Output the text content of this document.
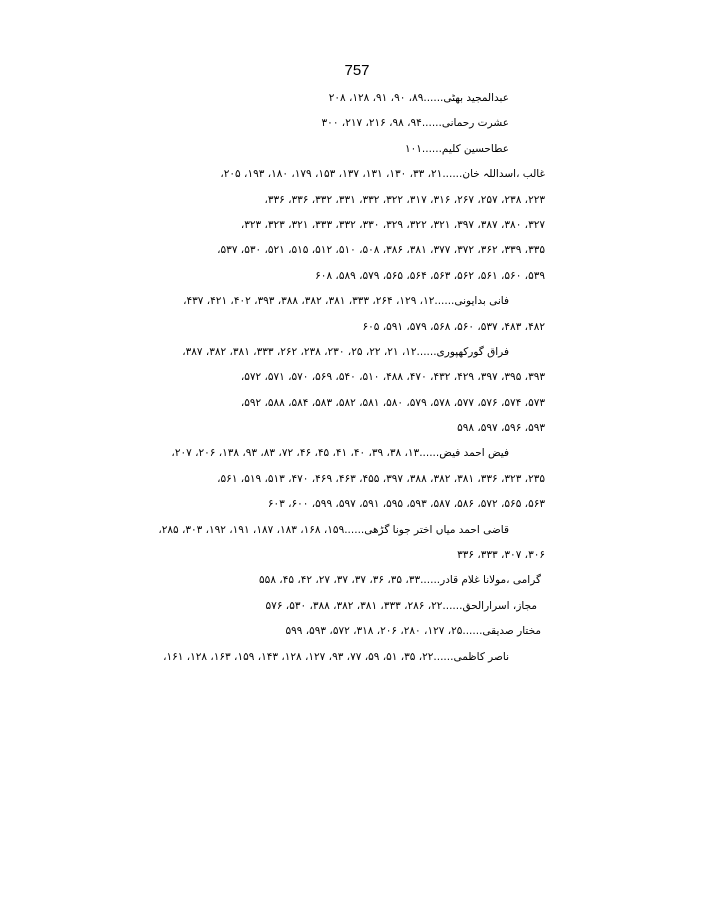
757
عبدالمجید بھٹی......۸۹، ۹۰، ۹۱، ۱۲۸، ۲۰۸
عشرت رحمانی......۹۴، ۹۸، ۲۱۶، ۲۱۷، ۳۰۰
عطاحسین کلیم......۱۰۱
غالب ،اسداللہ خان......۲۱، ۳۳، ۱۳۰، ۱۳۱، ۱۳۷، ۱۵۳، ۱۷۹، ۱۸۰، ۱۹۳، ۲۰۵،
۲۲۳، ۲۳۸، ۲۵۷، ۲۶۷، ۳۱۶، ۳۱۷، ۳۲۲، ۳۳۲، ۳۳۱، ۳۳۲، ۳۳۶، ۳۳۶،
۳۲۷، ۳۸۰، ۳۸۷، ۳۹۷، ۳۲۱، ۳۲۲، ۳۲۹، ۳۳۰، ۳۳۲، ۳۳۳، ۳۲۱، ۳۲۳، ۳۲۳،
۳۳۵، ۳۳۹، ۳۶۲، ۳۷۲، ۳۷۷، ۳۸۱، ۳۸۶، ۵۰۸، ۵۱۰، ۵۱۲، ۵۱۵، ۵۲۱، ۵۳۰، ۵۳۷،
۵۳۹، ۵۶۰، ۵۶۱، ۵۶۲، ۵۶۳، ۵۶۴، ۵۶۵، ۵۷۹، ۵۸۹، ۶۰۸
فانی بدایونی......۱۲، ۱۲۹، ۲۶۴، ۳۳۳، ۳۸۱، ۳۸۲، ۳۸۸، ۳۹۳، ۴۰۲، ۴۲۱، ۴۳۷،
۴۸۲، ۴۸۳، ۵۳۷، ۵۶۰، ۵۶۸، ۵۷۹، ۵۹۱، ۶۰۵
فراق گورکھپوری......۱۲، ۲۱، ۲۲، ۲۵، ۲۳۰، ۲۳۸، ۲۶۲، ۳۳۳، ۳۸۱، ۳۸۲، ۳۸۷،
۳۹۳، ۳۹۵، ۳۹۷، ۴۲۹، ۴۳۲، ۴۷۰، ۴۸۸، ۵۱۰، ۵۴۰، ۵۶۹، ۵۷۰، ۵۷۱، ۵۷۲،
۵۷۳، ۵۷۴، ۵۷۶، ۵۷۷، ۵۷۸، ۵۷۹، ۵۸۰، ۵۸۱، ۵۸۲، ۵۸۳، ۵۸۴، ۵۸۸، ۵۹۲،
۵۹۳، ۵۹۶، ۵۹۷، ۵۹۸
فیض احمد فیض......۱۳، ۳۸، ۳۹، ۴۰، ۴۱، ۴۵، ۴۶، ۷۲، ۸۳، ۹۳، ۱۳۸، ۲۰۶، ۲۰۷،
۲۳۵، ۳۲۳، ۳۳۶، ۳۸۱، ۳۸۲، ۳۸۸، ۳۹۷، ۴۵۵، ۴۶۳، ۴۶۹، ۴۷۰، ۵۱۳، ۵۱۹، ۵۶۱،
۵۶۳، ۵۶۵، ۵۷۲، ۵۸۶، ۵۸۷، ۵۹۳، ۵۹۵، ۵۹۱، ۵۹۷، ۵۹۹، ۶۰۰، ۶۰۳
قاضی احمد میاں اختر جونا گڑھی......۱۵۹، ۱۶۸، ۱۸۳، ۱۸۷، ۱۹۱، ۱۹۲، ۳۰۳، ۲۸۵،
۳۰۶، ۳۰۷، ۳۳۳، ۳۳۶
گرامی ،مولانا غلام قادر......۳۳، ۳۵، ۳۶، ۳۷، ۳۷، ۲۷، ۴۲، ۴۵، ۵۵۸
مجاز، اسرارالحق......۲۲، ۲۸۶، ۳۳۳، ۳۸۱، ۳۸۲، ۳۸۸، ۵۳۰، ۵۷۶
مختار صدیقی......۲۵، ۱۲۷، ۲۸۰، ۲۰۶، ۳۱۸، ۵۷۲، ۵۹۳، ۵۹۹
ناصر کاظمی......۲۲، ۳۵، ۵۱، ۵۹، ۷۷، ۹۳، ۱۲۷، ۱۲۸، ۱۴۳، ۱۵۹، ۱۶۳، ۱۲۸، ۱۶۱،
